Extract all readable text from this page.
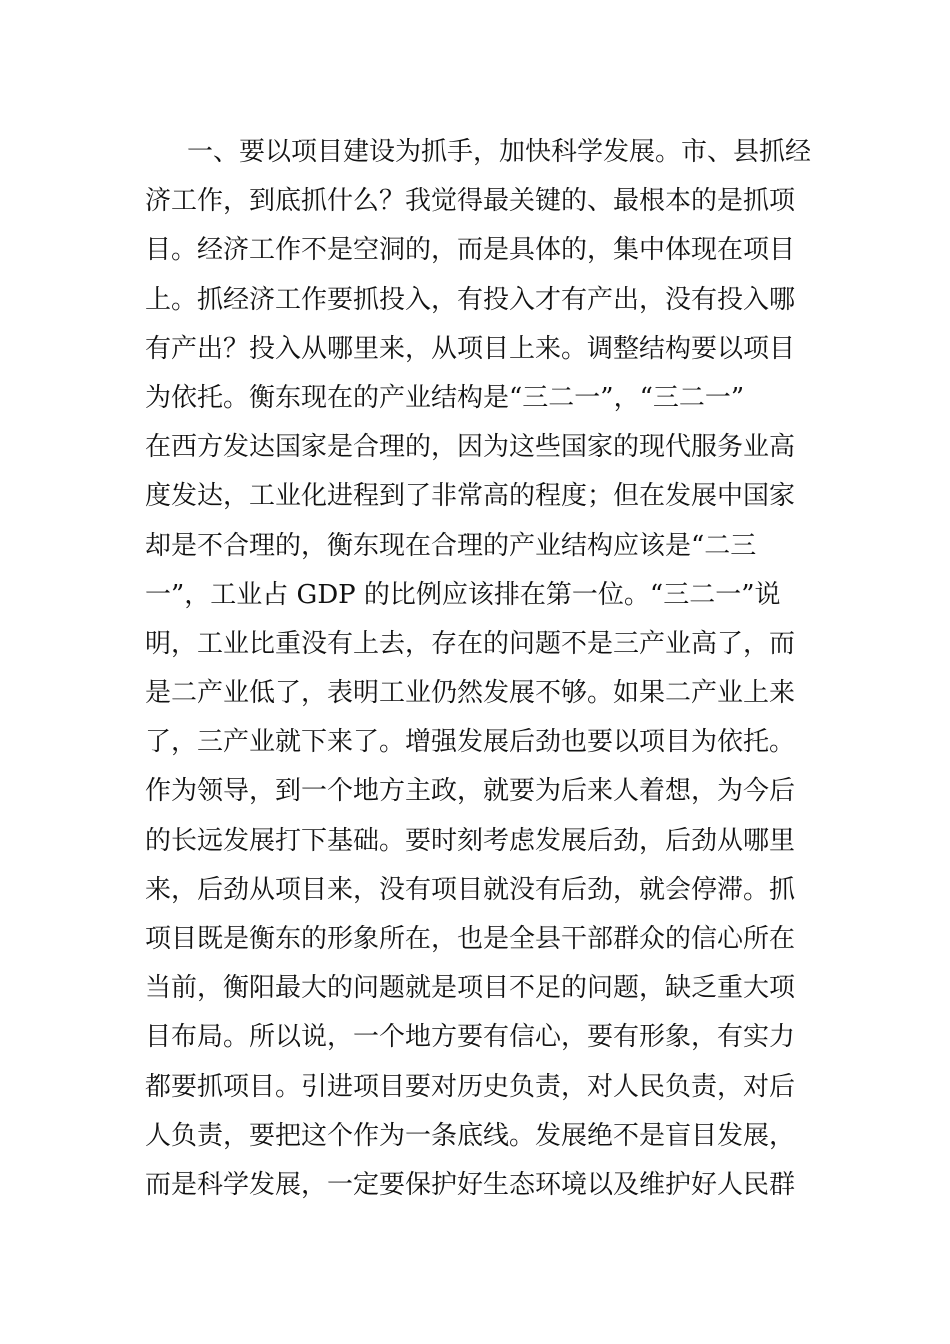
一、要以项目建设为抓手，加快科学发展。市、县抓经
济工作，到底抓什么？我觉得最关键的、最根本的是抓项
目。经济工作不是空洞的，而是具体的，集中体现在项目
上。抓经济工作要抓投入，有投入才有产出，没有投入哪
有产出？投入从哪里来，从项目上来。调整结构要以项目
为依托。衡东现在的产业结构是“三二一”，“三二一”
在西方发达国家是合理的，因为这些国家的现代服务业高
度发达，工业化进程到了非常高的程度；但在发展中国家
却是不合理的，衡东现在合理的产业结构应该是“二三
一”，工业占 GDP 的比例应该排在第一位。“三二一”说
明，工业比重没有上去，存在的问题不是三产业高了，而
是二产业低了，表明工业仍然发展不够。如果二产业上来
了，三产业就下来了。增强发展后劲也要以项目为依托。
作为领导，到一个地方主政，就要为后来人着想，为今后
的长远发展打下基础。要时刻考虑发展后劲，后劲从哪里
来，后劲从项目来，没有项目就没有后劲，就会停滞。抓
项目既是衡东的形象所在，也是全县干部群众的信心所在
当前，衡阳最大的问题就是项目不足的问题，缺乏重大项
目布局。所以说，一个地方要有信心，要有形象，有实力
都要抓项目。引进项目要对历史负责，对人民负责，对后
人负责，要把这个作为一条底线。发展绝不是盲目发展，
而是科学发展，一定要保护好生态环境以及维护好人民群
